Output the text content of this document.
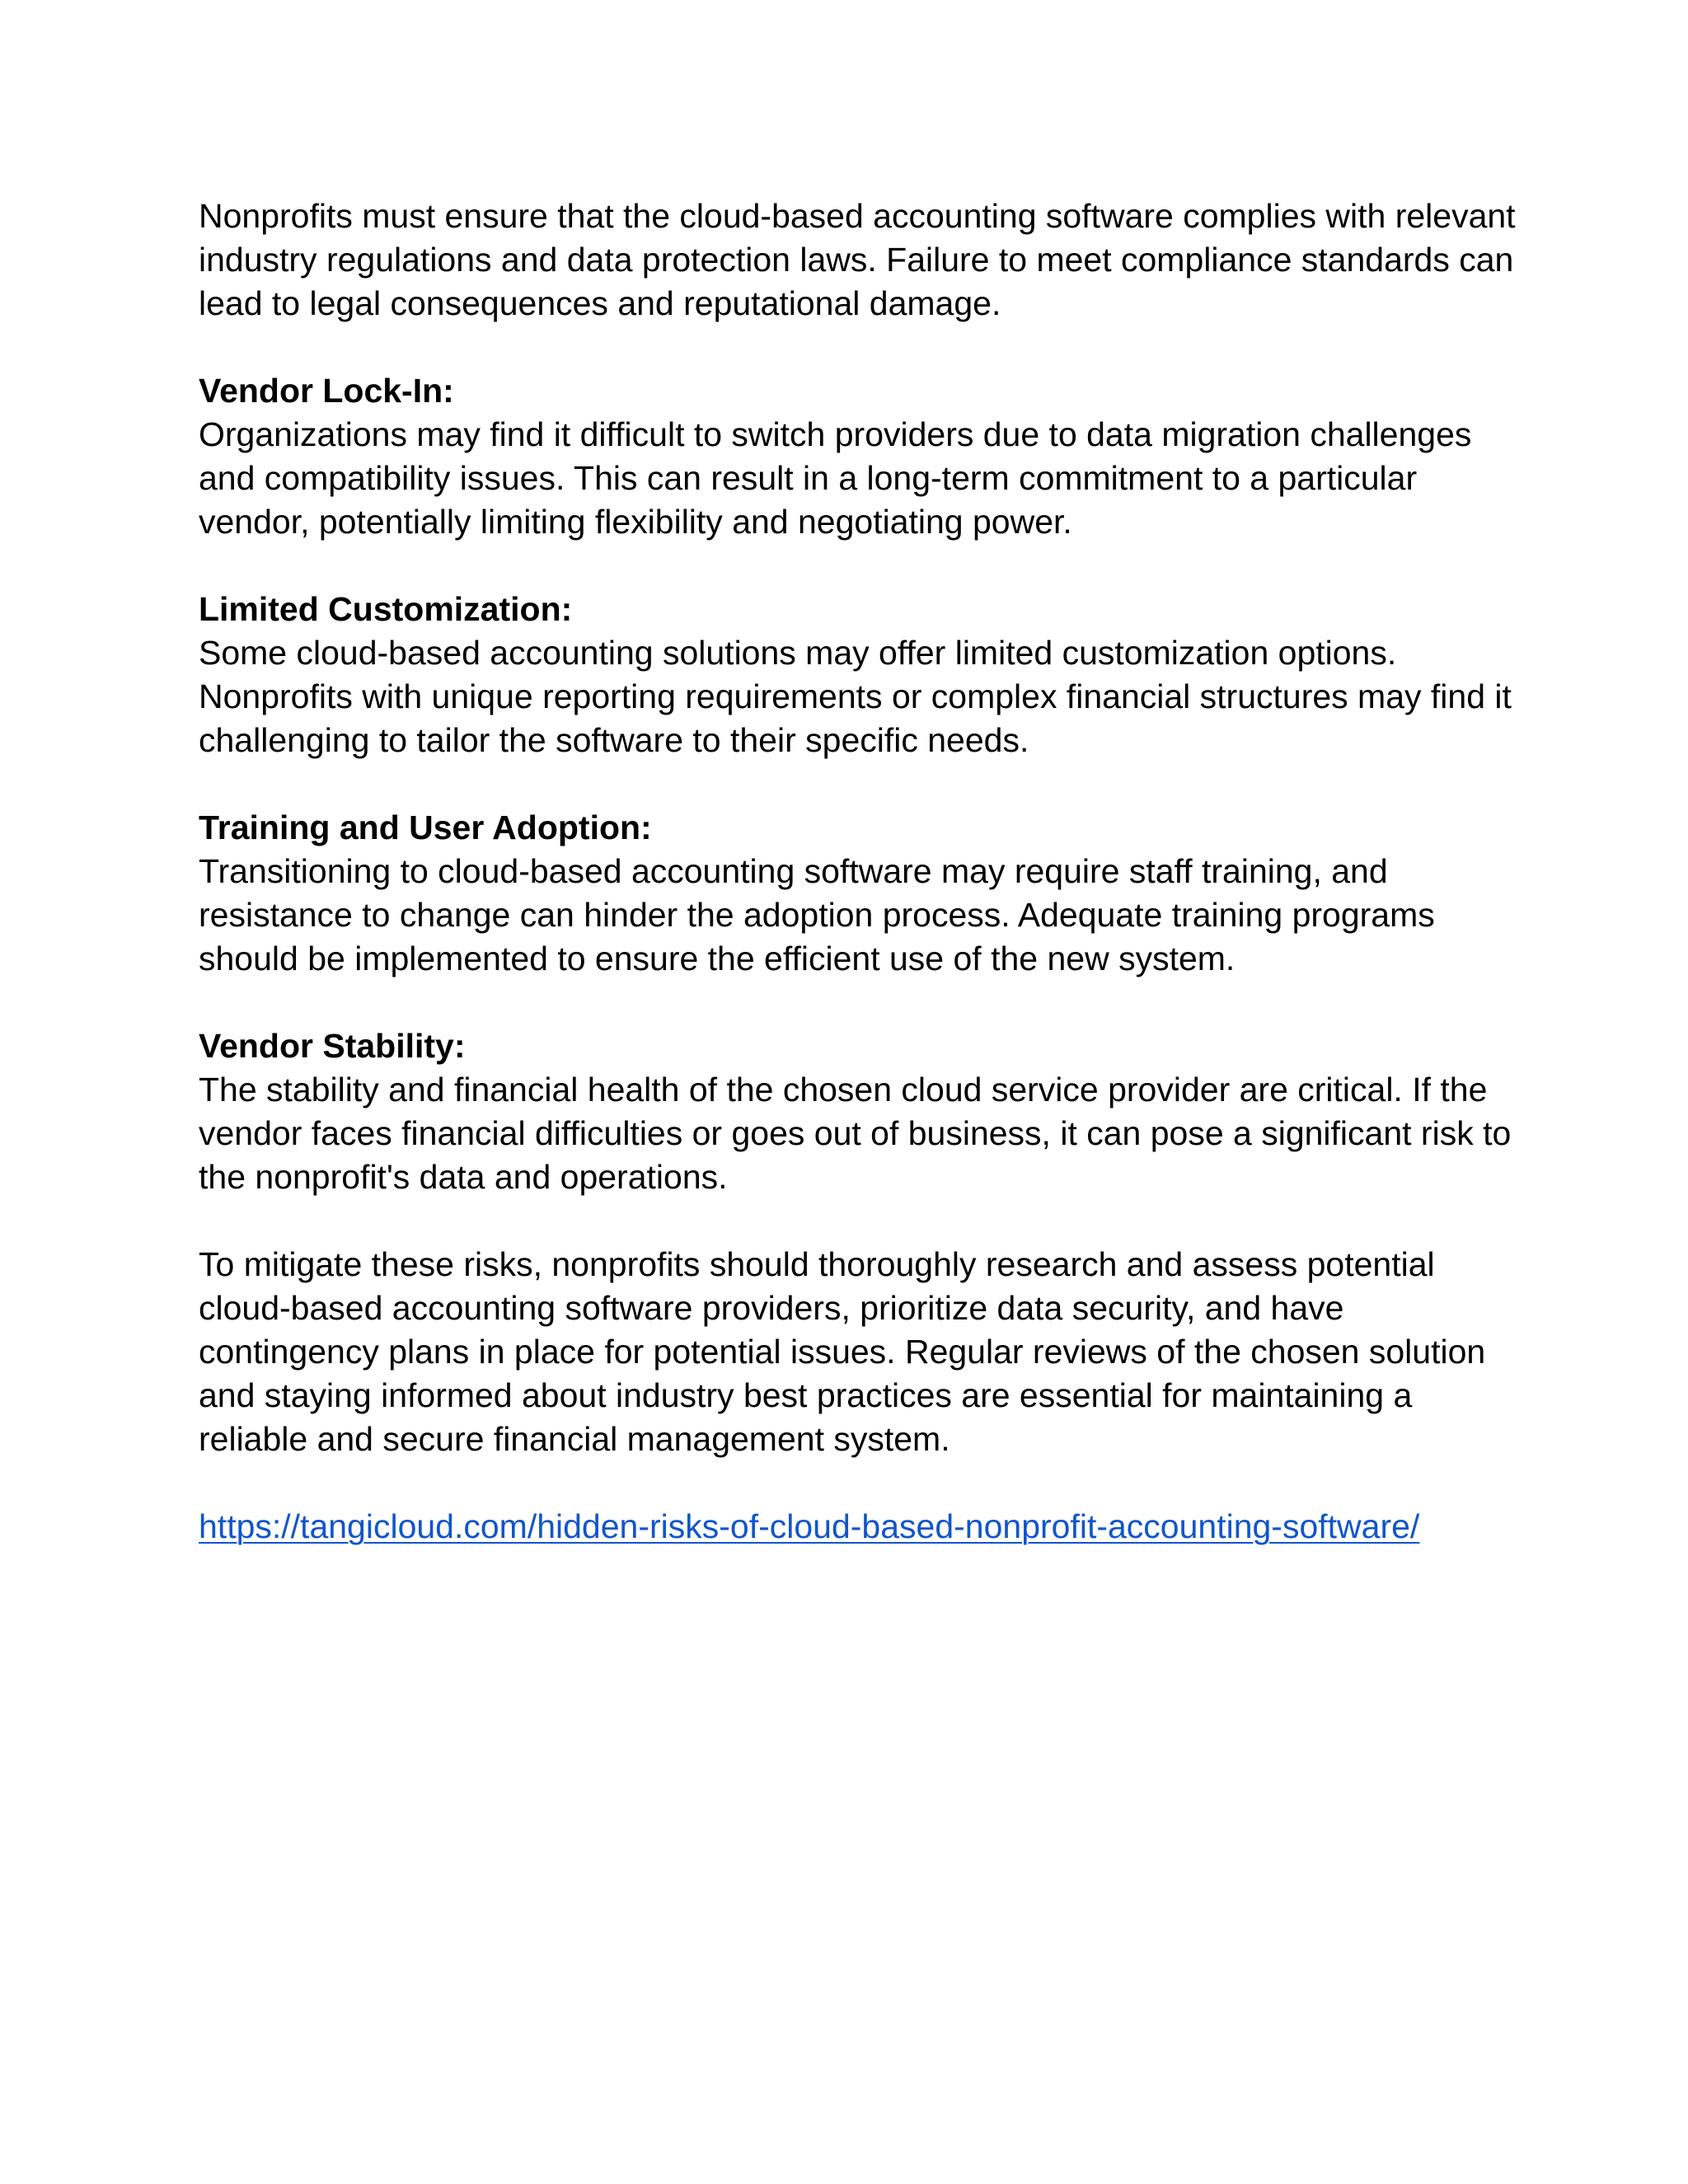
Nonprofits must ensure that the cloud-based accounting software complies with relevant
industry regulations and data protection laws. Failure to meet compliance standards can
lead to legal consequences and reputational damage.
Vendor Lock-In:
Organizations may find it difficult to switch providers due to data migration challenges
and compatibility issues. This can result in a long-term commitment to a particular
vendor, potentially limiting flexibility and negotiating power.
Limited Customization:
Some cloud-based accounting solutions may offer limited customization options.
Nonprofits with unique reporting requirements or complex financial structures may find it
challenging to tailor the software to their specific needs.
Training and User Adoption:
Transitioning to cloud-based accounting software may require staff training, and
resistance to change can hinder the adoption process. Adequate training programs
should be implemented to ensure the efficient use of the new system.
Vendor Stability:
The stability and financial health of the chosen cloud service provider are critical. If the
vendor faces financial difficulties or goes out of business, it can pose a significant risk to
the nonprofit's data and operations.
To mitigate these risks, nonprofits should thoroughly research and assess potential
cloud-based accounting software providers, prioritize data security, and have
contingency plans in place for potential issues. Regular reviews of the chosen solution
and staying informed about industry best practices are essential for maintaining a
reliable and secure financial management system.
https://tangicloud.com/hidden-risks-of-cloud-based-nonprofit-accounting-software/
